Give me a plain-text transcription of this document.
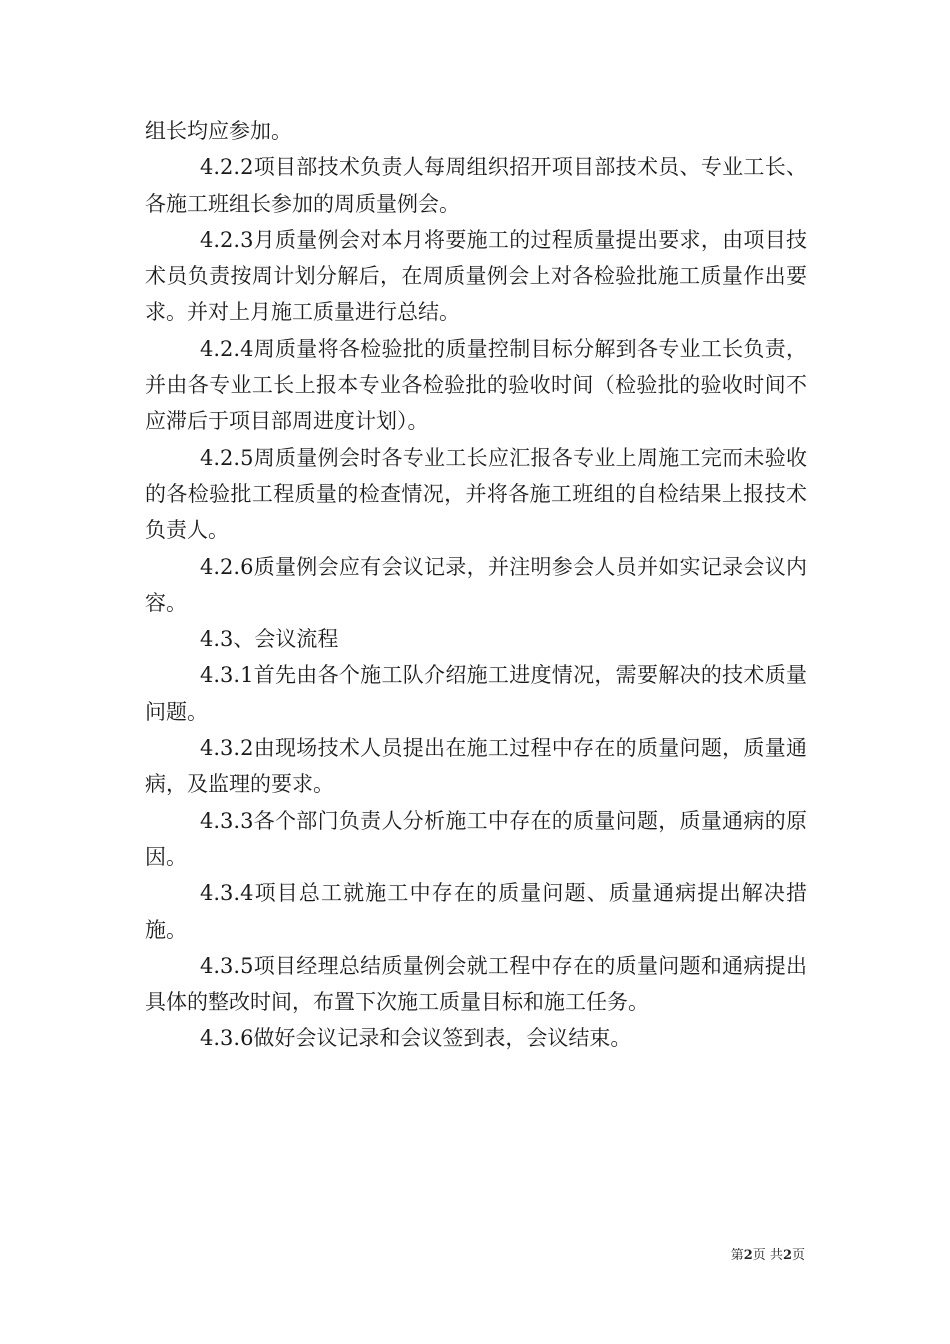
组长均应参加。

4.2.2项目部技术负责人每周组织招开项目部技术员、专业工长、各施工班组长参加的周质量例会。

4.2.3月质量例会对本月将要施工的过程质量提出要求，由项目技术员负责按周计划分解后，在周质量例会上对各检验批施工质量作出要求。并对上月施工质量进行总结。

4.2.4周质量将各检验批的质量控制目标分解到各专业工长负责，并由各专业工长上报本专业各检验批的验收时间（检验批的验收时间不应滞后于项目部周进度计划）。

4.2.5周质量例会时各专业工长应汇报各专业上周施工完而未验收的各检验批工程质量的检查情况，并将各施工班组的自检结果上报技术负责人。

4.2.6质量例会应有会议记录，并注明参会人员并如实记录会议内容。

4.3、会议流程

4.3.1首先由各个施工队介绍施工进度情况，需要解决的技术质量问题。

4.3.2由现场技术人员提出在施工过程中存在的质量问题，质量通病，及监理的要求。

4.3.3各个部门负责人分析施工中存在的质量问题，质量通病的原因。

4.3.4项目总工就施工中存在的质量问题、质量通病提出解决措施。

4.3.5项目经理总结质量例会就工程中存在的质量问题和通病提出具体的整改时间，布置下次施工质量目标和施工任务。

4.3.6做好会议记录和会议签到表，会议结束。

第2页 共2页
